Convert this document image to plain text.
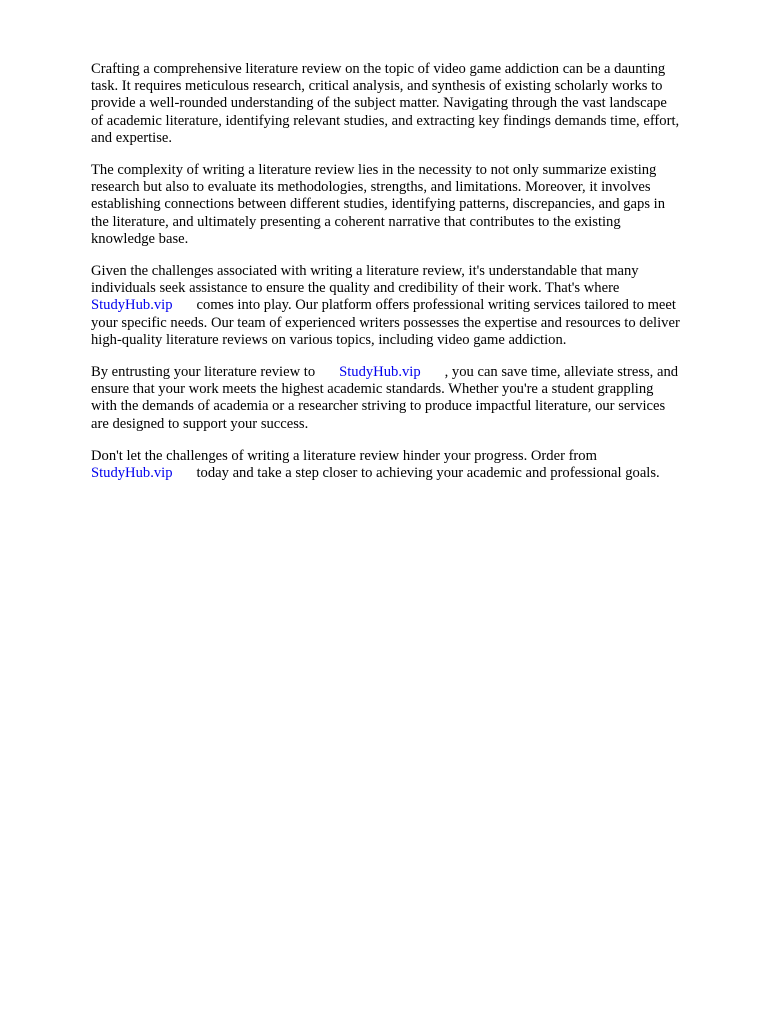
Crafting a comprehensive literature review on the topic of video game addiction can be a daunting
task. It requires meticulous research, critical analysis, and synthesis of existing scholarly works to
provide a well-rounded understanding of the subject matter. Navigating through the vast landscape
of academic literature, identifying relevant studies, and extracting key findings demands time, effort,
and expertise.

The complexity of writing a literature review lies in the necessity to not only summarize existing
research but also to evaluate its methodologies, strengths, and limitations. Moreover, it involves
establishing connections between different studies, identifying patterns, discrepancies, and gaps in
the literature, and ultimately presenting a coherent narrative that contributes to the existing
knowledge base.

Given the challenges associated with writing a literature review, it's understandable that many
individuals seek assistance to ensure the quality and credibility of their work. That's where
StudyHub.vip comes into play. Our platform offers professional writing services tailored to meet
your specific needs. Our team of experienced writers possesses the expertise and resources to deliver
high-quality literature reviews on various topics, including video game addiction.

By entrusting your literature review to StudyHub.vip , you can save time, alleviate stress, and
ensure that your work meets the highest academic standards. Whether you're a student grappling
with the demands of academia or a researcher striving to produce impactful literature, our services
are designed to support your success.

Don't let the challenges of writing a literature review hinder your progress. Order from
StudyHub.vip today and take a step closer to achieving your academic and professional goals.
